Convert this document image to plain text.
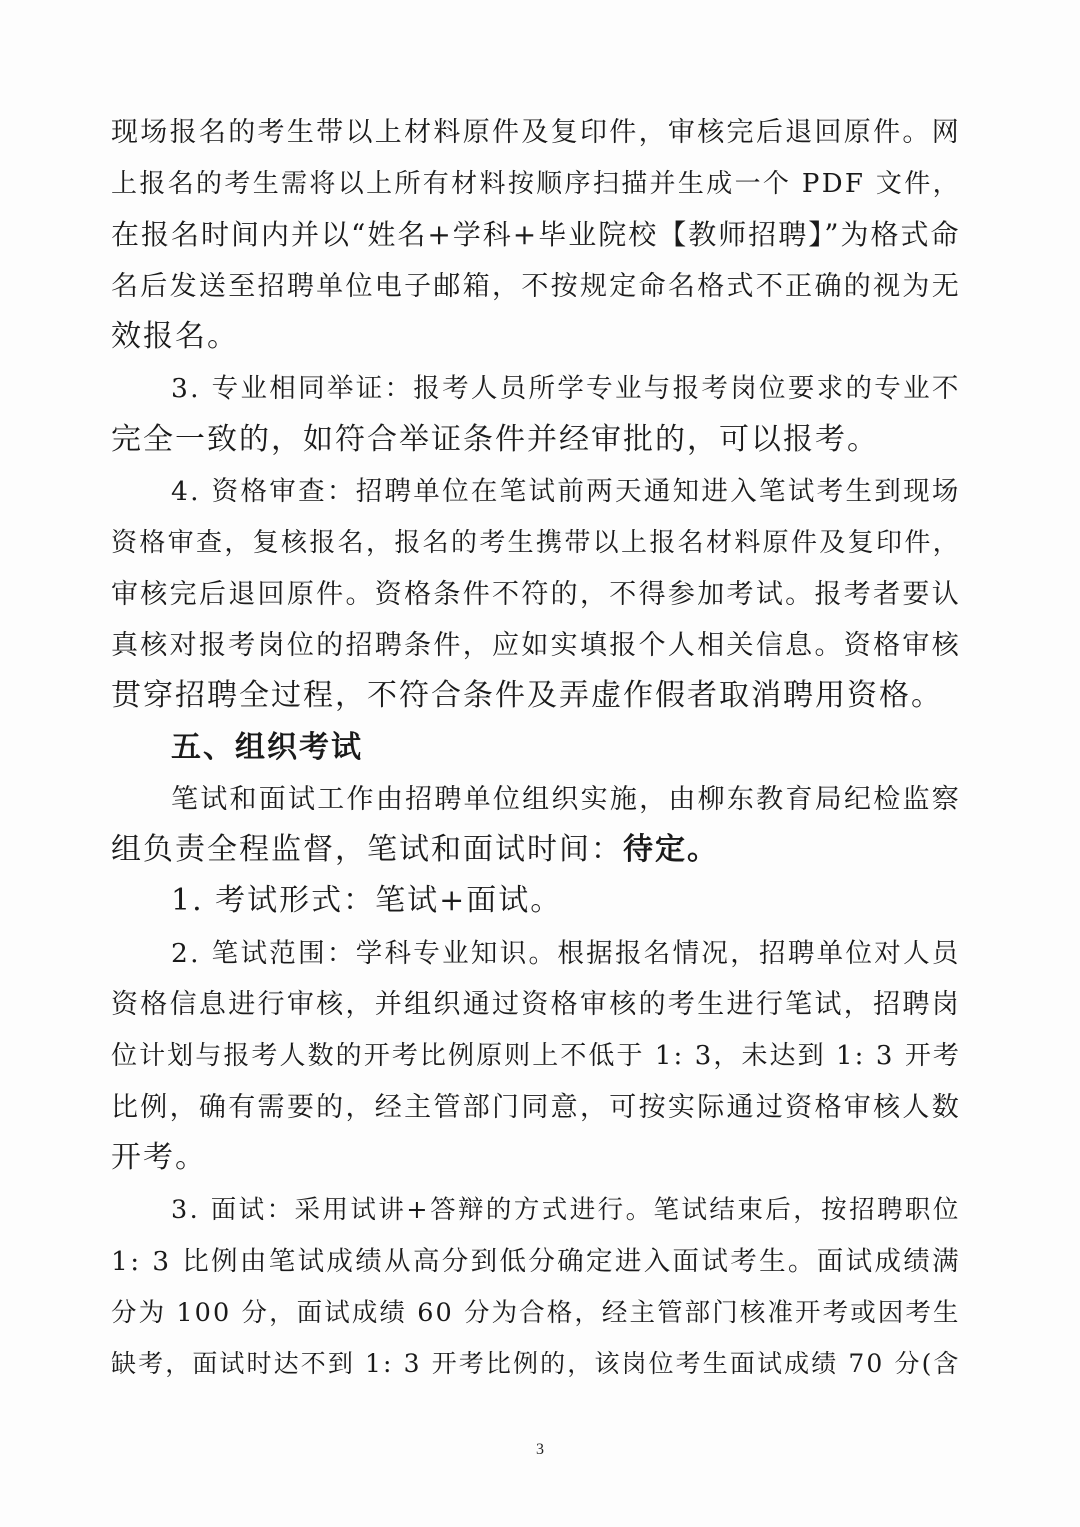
现场报名的考生带以上材料原件及复印件，审核完后退回原件。网
上报名的考生需将以上所有材料按顺序扫描并生成一个 PDF 文件，
在报名时间内并以“姓名+学科+毕业院校【教师招聘】”为格式命
名后发送至招聘单位电子邮箱，不按规定命名格式不正确的视为无
效报名。
3. 专业相同举证：报考人员所学专业与报考岗位要求的专业不
完全一致的，如符合举证条件并经审批的，可以报考。
4. 资格审查：招聘单位在笔试前两天通知进入笔试考生到现场
资格审查，复核报名，报名的考生携带以上报名材料原件及复印件，
审核完后退回原件。资格条件不符的，不得参加考试。报考者要认
真核对报考岗位的招聘条件，应如实填报个人相关信息。资格审核
贯穿招聘全过程，不符合条件及弄虚作假者取消聘用资格。
五、组织考试
笔试和面试工作由招聘单位组织实施，由柳东教育局纪检监察
组负责全程监督，笔试和面试时间：待定。
1. 考试形式：笔试+面试。
2. 笔试范围：学科专业知识。根据报名情况，招聘单位对人员
资格信息进行审核，并组织通过资格审核的考生进行笔试，招聘岗
位计划与报考人数的开考比例原则上不低于 1: 3，未达到 1: 3 开考
比例，确有需要的，经主管部门同意，可按实际通过资格审核人数
开考。
3. 面试：采用试讲+答辩的方式进行。笔试结束后，按招聘职位
1: 3 比例由笔试成绩从高分到低分确定进入面试考生。面试成绩满
分为 100 分，面试成绩 60 分为合格，经主管部门核准开考或因考生
缺考，面试时达不到 1: 3 开考比例的，该岗位考生面试成绩 70 分(含
3
